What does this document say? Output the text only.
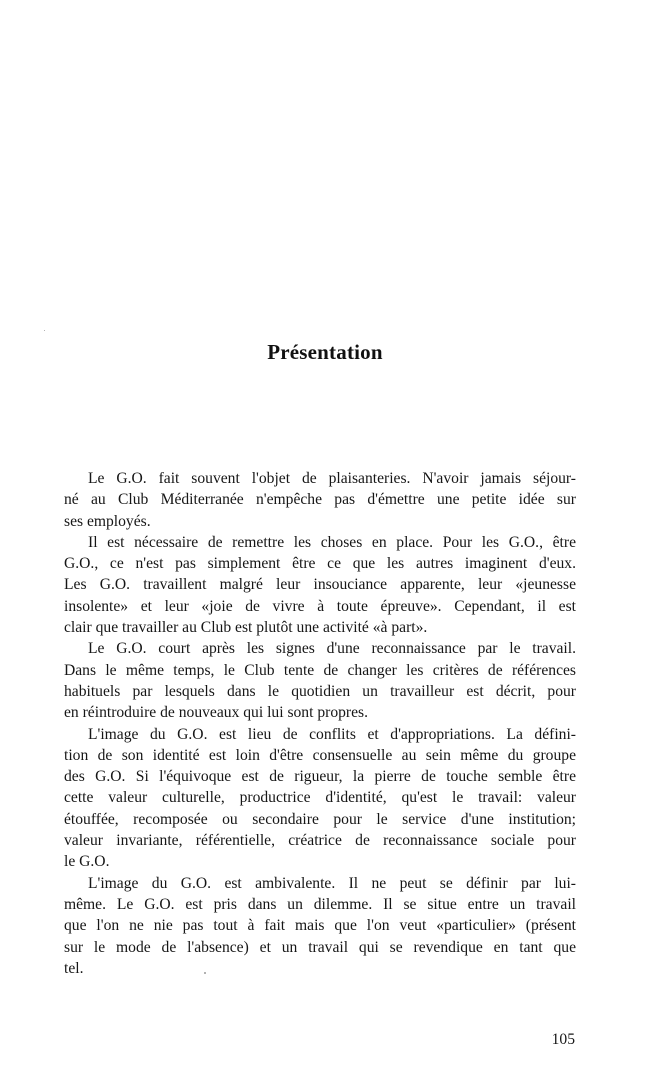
Présentation
Le G.O. fait souvent l'objet de plaisanteries. N'avoir jamais séjour-
né au Club Méditerranée n'empêche pas d'émettre une petite idée sur
ses employés.
Il est nécessaire de remettre les choses en place. Pour les G.O., être
G.O., ce n'est pas simplement être ce que les autres imaginent d'eux.
Les G.O. travaillent malgré leur insouciance apparente, leur «jeunesse
insolente» et leur «joie de vivre à toute épreuve». Cependant, il est
clair que travailler au Club est plutôt une activité «à part».
Le G.O. court après les signes d'une reconnaissance par le travail.
Dans le même temps, le Club tente de changer les critères de références
habituels par lesquels dans le quotidien un travailleur est décrit, pour
en réintroduire de nouveaux qui lui sont propres.
L'image du G.O. est lieu de conflits et d'appropriations. La défini-
tion de son identité est loin d'être consensuelle au sein même du groupe
des G.O. Si l'équivoque est de rigueur, la pierre de touche semble être
cette valeur culturelle, productrice d'identité, qu'est le travail: valeur
étouffée, recomposée ou secondaire pour le service d'une institution;
valeur invariante, référentielle, créatrice de reconnaissance sociale pour
le G.O.
L'image du G.O. est ambivalente. Il ne peut se définir par lui-
même. Le G.O. est pris dans un dilemme. Il se situe entre un travail
que l'on ne nie pas tout à fait mais que l'on veut «particulier» (présent
sur le mode de l'absence) et un travail qui se revendique en tant que
tel.
105
